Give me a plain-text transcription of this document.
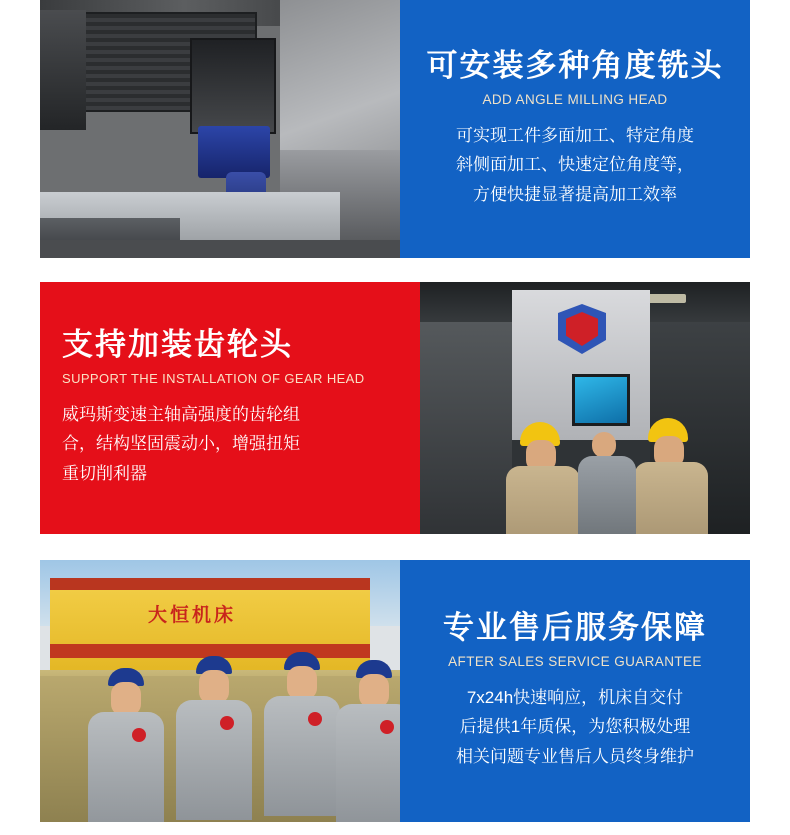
可安装多种角度铣头
ADD ANGLE MILLING HEAD

可实现工件多面加工、特定角度
斜侧面加工、快速定位角度等，
方便快捷显著提高加工效率

支持加装齿轮头
SUPPORT THE INSTALLATION OF GEAR HEAD

威玛斯变速主轴高强度的齿轮组
合，结构坚固震动小，增强扭矩
重切削利器

大恒机床	专业售后服务保障
AFTER SALES SERVICE GUARANTEE

7x24h快速响应，机床自交付
后提供1年质保，为您积极处理
相关问题专业售后人员终身维护
